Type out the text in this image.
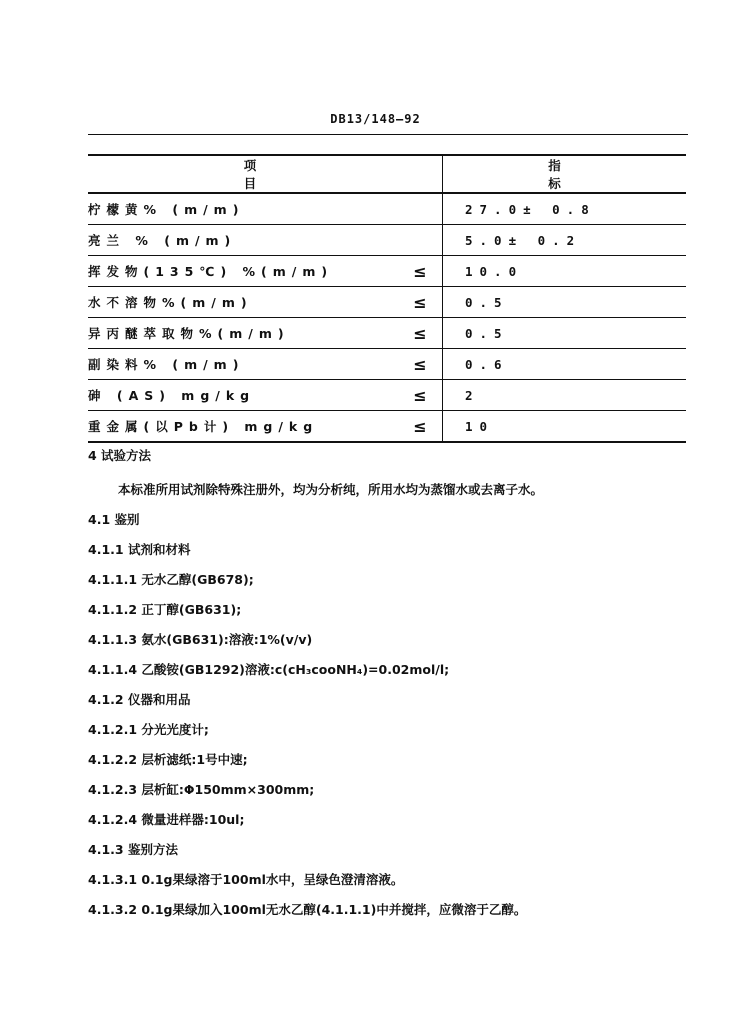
DB13/148—92
项 目		指 标
柠檬黄% (m/m)		27.0± 0.8
亮兰 % (m/m)		5.0± 0.2
挥发物(135℃) %(m/m)	≤	10.0
水不溶物%(m/m)	≤	0.5
异丙醚萃取物%(m/m)	≤	0.5
副染料% (m/m)	≤	0.6
砷 (AS) mg/kg	≤	2
重金属(以Pb计) mg/kg	≤	10
4 试验方法
本标准所用试剂除特殊注册外，均为分析纯，所用水均为蒸馏水或去离子水。
4.1 鉴别
4.1.1 试剂和材料
4.1.1.1 无水乙醇(GB678);
4.1.1.2 正丁醇(GB631);
4.1.1.3 氨水(GB631):溶液:1%(v/v)
4.1.1.4 乙酸铵(GB1292)溶液:c(cH₃cooNH₄)=0.02mol/l;
4.1.2 仪器和用品
4.1.2.1 分光光度计;
4.1.2.2 层析滤纸:1号中速;
4.1.2.3 层析缸:Φ150mm×300mm;
4.1.2.4 微量进样器:10ul;
4.1.3 鉴别方法
4.1.3.1 0.1g果绿溶于100ml水中，呈绿色澄清溶液。
4.1.3.2 0.1g果绿加入100ml无水乙醇(4.1.1.1)中并搅拌，应微溶于乙醇。
